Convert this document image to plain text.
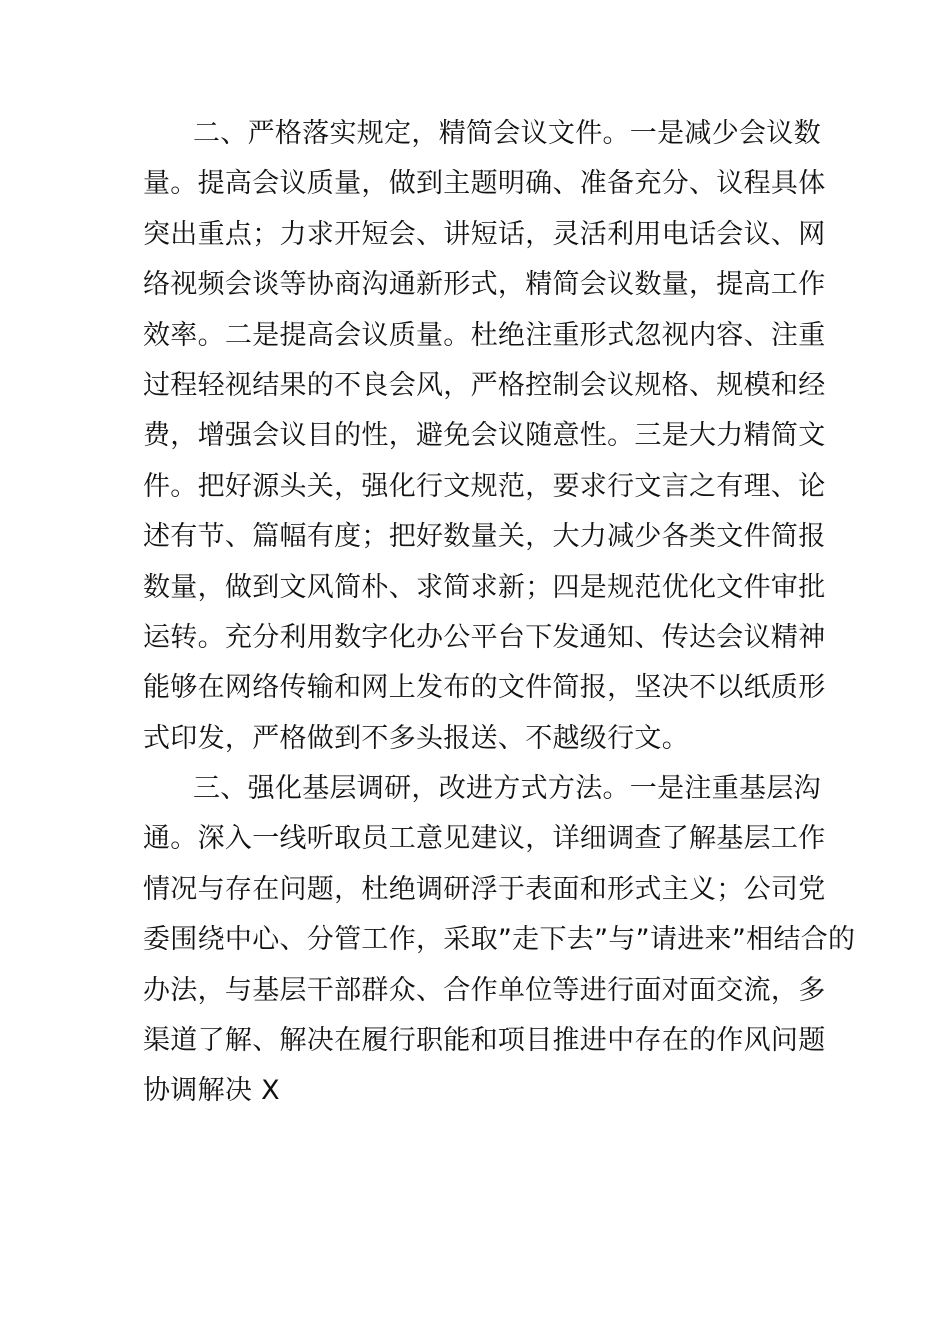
二、严格落实规定，精简会议文件。一是减少会议数
量。提高会议质量，做到主题明确、准备充分、议程具体
突出重点；力求开短会、讲短话，灵活利用电话会议、网
络视频会谈等协商沟通新形式，精简会议数量，提高工作
效率。二是提高会议质量。杜绝注重形式忽视内容、注重
过程轻视结果的不良会风，严格控制会议规格、规模和经
费，增强会议目的性，避免会议随意性。三是大力精简文
件。把好源头关，强化行文规范，要求行文言之有理、论
述有节、篇幅有度；把好数量关，大力减少各类文件简报
数量，做到文风简朴、求简求新；四是规范优化文件审批
运转。充分利用数字化办公平台下发通知、传达会议精神
能够在网络传输和网上发布的文件简报，坚决不以纸质形
式印发，严格做到不多头报送、不越级行文。
三、强化基层调研，改进方式方法。一是注重基层沟
通。深入一线听取员工意见建议，详细调查了解基层工作
情况与存在问题，杜绝调研浮于表面和形式主义；公司党
委围绕中心、分管工作，采取”走下去”与”请进来”相结合的
办法，与基层干部群众、合作单位等进行面对面交流，多
渠道了解、解决在履行职能和项目推进中存在的作风问题
协调解决 X
